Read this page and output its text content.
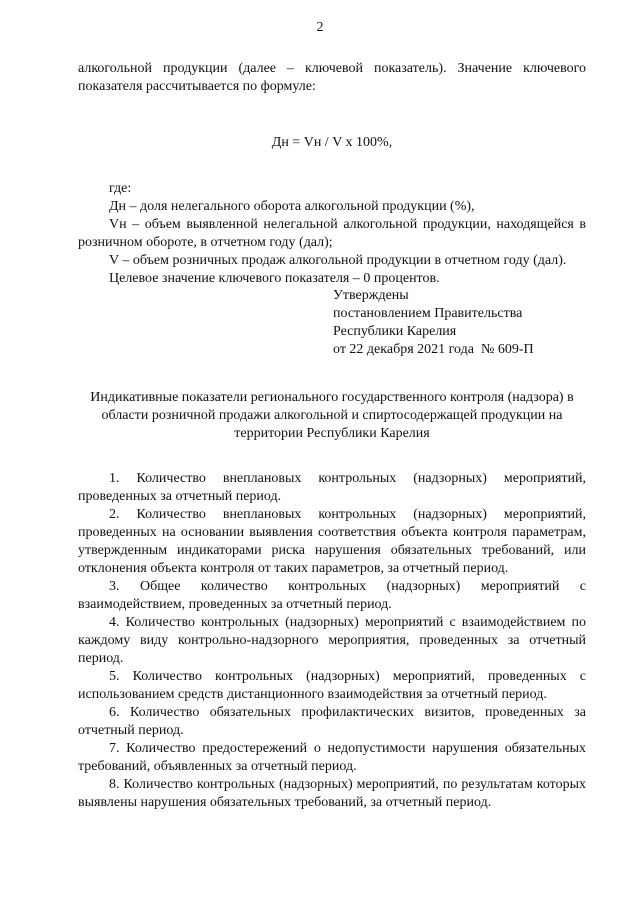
2

алкогольной продукции (далее – ключевой показатель). Значение ключевого показателя рассчитывается по формуле:

Дн = Vн / V х 100%,

где:

Дн – доля нелегального оборота алкогольной продукции (%),

Vн – объем выявленной нелегальной алкогольной продукции, находящейся в розничном обороте, в отчетном году (дал);

V – объем розничных продаж алкогольной продукции в отчетном году (дал).

Целевое значение ключевого показателя – 0 процентов.

Утверждены
постановлением Правительства
Республики Карелия
от 22 декабря 2021 года  № 609-П
Индикативные показатели регионального государственного контроля (надзора) в области розничной продажи алкогольной и спиртосодержащей продукции на территории Республики Карелия

1. Количество внеплановых контрольных (надзорных) мероприятий, проведенных за отчетный период.

2. Количество внеплановых контрольных (надзорных) мероприятий, проведенных на основании выявления соответствия объекта контроля параметрам, утвержденным индикаторами риска нарушения обязательных требований, или отклонения объекта контроля от таких параметров, за отчетный период.

3. Общее количество контрольных (надзорных) мероприятий с взаимодействием, проведенных за отчетный период.

4. Количество контрольных (надзорных) мероприятий с взаимодействием по каждому виду контрольно-надзорного мероприятия, проведенных за отчетный период.

5. Количество контрольных (надзорных) мероприятий, проведенных с использованием средств дистанционного взаимодействия за отчетный период.

6. Количество обязательных профилактических визитов, проведенных за отчетный период.

7. Количество предостережений о недопустимости нарушения обязательных требований, объявленных за отчетный период.

8. Количество контрольных (надзорных) мероприятий, по результатам которых выявлены нарушения обязательных требований, за отчетный период.
